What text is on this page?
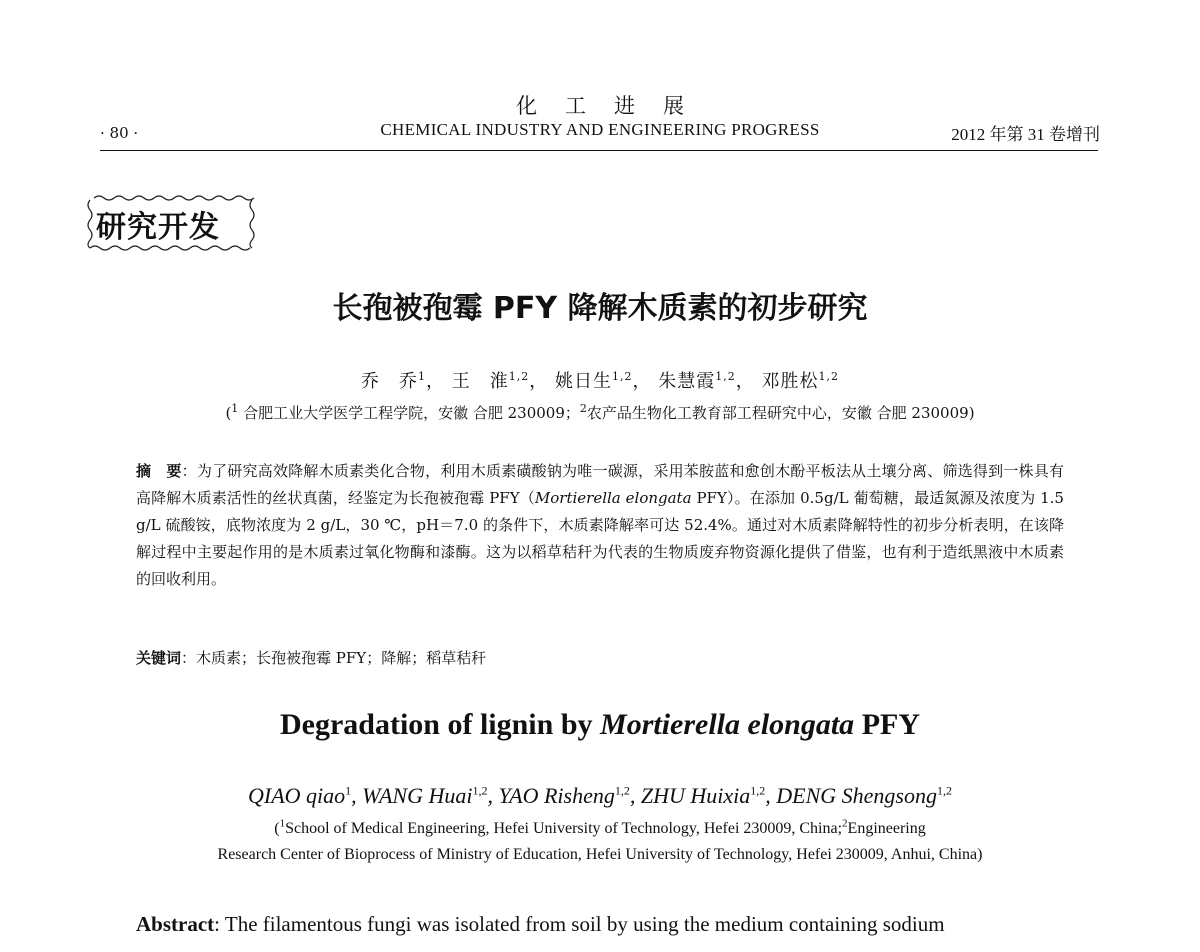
化工进展
· 80 ·	CHEMICAL INDUSTRY AND ENGINEERING PROGRESS	2012 年第 31 卷增刊
研究开发
长孢被孢霉 PFY 降解木质素的初步研究
乔　乔$^1$， 王　淮$^{1,2}$， 姚日生$^{1,2}$， 朱慧霞$^{1,2}$， 邓胜松$^{1,2}$
($^1$ 合肥工业大学医学工程学院，安徽 合肥 230009；$^2$农产品生物化工教育部工程研究中心，安徽 合肥 230009)
摘　要：为了研究高效降解木质素类化合物，利用木质素磺酸钠为唯一碳源，采用苯胺蓝和愈创木酚平板法从土壤分离、筛选得到一株具有高降解木质素活性的丝状真菌，经鉴定为长孢被孢霉 PFY（Mortierella elongata PFY）。在添加 0.5g/L 葡萄糖，最适氮源及浓度为 1.5 g/L 硫酸铵，底物浓度为 2 g/L，30 ℃，pH＝7.0 的条件下，木质素降解率可达 52.4%。通过对木质素降解特性的初步分析表明，在该降解过程中主要起作用的是木质素过氧化物酶和漆酶。这为以稻草秸秆为代表的生物质废弃物资源化提供了借鉴，也有利于造纸黑液中木质素的回收利用。
关键词：木质素；长孢被孢霉 PFY；降解；稻草秸秆
Degradation of lignin by Mortierella elongata PFY
QIAO qiao$^1$, WANG Huai$^{1,2}$, YAO Risheng$^{1,2}$, ZHU Huixia$^{1,2}$, DENG Shengsong$^{1,2}$
($^1$School of Medical Engineering, Hefei University of Technology, Hefei 230009, China;$^2$Engineering
Research Center of Bioprocess of Ministry of Education, Hefei University of Technology, Hefei 230009, Anhui, China)
Abstract: The filamentous fungi was isolated from soil by using the medium containing sodium
